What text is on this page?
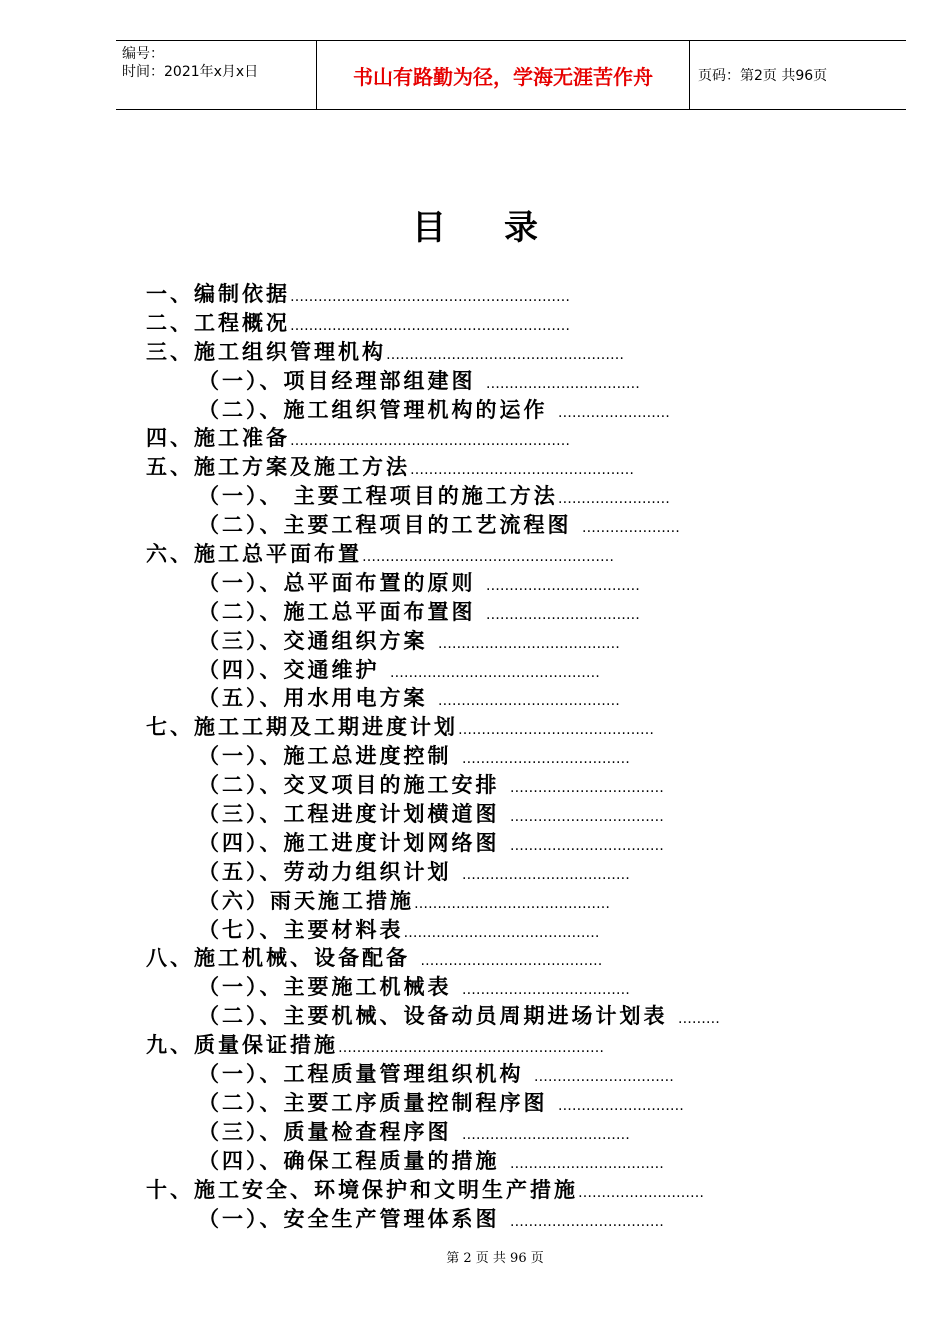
编号：
时间：2021年x月x日	书山有路勤为径，学海无涯苦作舟	页码：第2页 共96页
目录
一、编制依据……………………………………………………
二、工程概况……………………………………………………
三、施工组织管理机构……………………………………………
（一）、项目经理部组建图 ……………………………
（二）、施工组织管理机构的运作 ……………………
四、施工准备……………………………………………………
五、施工方案及施工方法…………………………………………
（一）、 主要工程项目的施工方法……………………
（二）、主要工程项目的工艺流程图 …………………
六、施工总平面布置………………………………………………
（一）、总平面布置的原则 ……………………………
（二）、施工总平面布置图 ……………………………
（三）、交通组织方案 …………………………………
（四）、交通维护 ………………………………………
（五）、用水用电方案 …………………………………
七、施工工期及工期进度计划……………………………………
（一）、施工总进度控制 ………………………………
（二）、交叉项目的施工安排 ……………………………
（三）、工程进度计划横道图 ……………………………
（四）、施工进度计划网络图 ……………………………
（五）、劳动力组织计划 ………………………………
（六）雨天施工措施……………………………………
（七）、主要材料表……………………………………
八、施工机械、设备配备 …………………………………
（一）、主要施工机械表 ………………………………
（二）、主要机械、设备动员周期进场计划表 ………
九、质量保证措施…………………………………………………
（一）、工程质量管理组织机构 …………………………
（二）、主要工序质量控制程序图 ………………………
（三）、质量检查程序图 ………………………………
（四）、确保工程质量的措施 ……………………………
十、施工安全、环境保护和文明生产措施………………………
（一）、安全生产管理体系图 ……………………………
第 2 页 共 96 页
